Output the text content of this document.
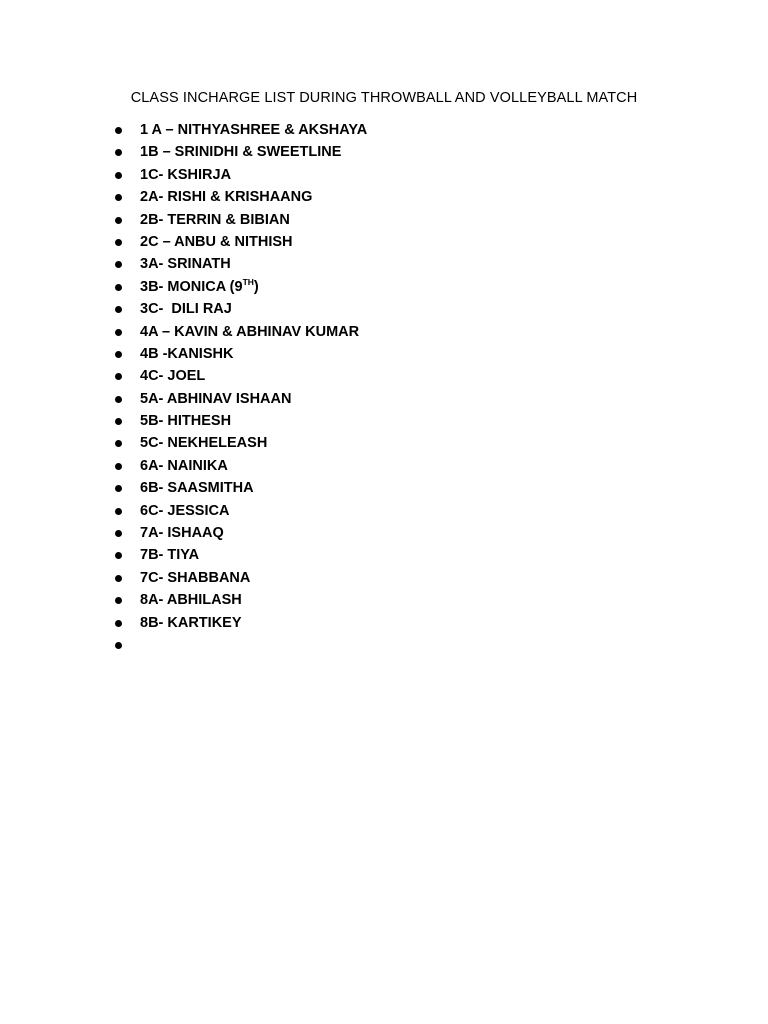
CLASS INCHARGE LIST DURING THROWBALL AND VOLLEYBALL MATCH
1 A – NITHYASHREE & AKSHAYA
1B – SRINIDHI & SWEETLINE
1C- KSHIRJA
2A- RISHI & KRISHAANG
2B- TERRIN & BIBIAN
2C – ANBU & NITHISH
3A- SRINATH
3B- MONICA (9TH)
3C-  DILI RAJ
4A – KAVIN & ABHINAV KUMAR
4B -KANISHK
4C- JOEL
5A- ABHINAV ISHAAN
5B- HITHESH
5C- NEKHELEASH
6A- NAINIKA
6B- SAASMITHA
6C- JESSICA
7A- ISHAAQ
7B- TIYA
7C- SHABBANA
8A- ABHILASH
8B- KARTIKEY
